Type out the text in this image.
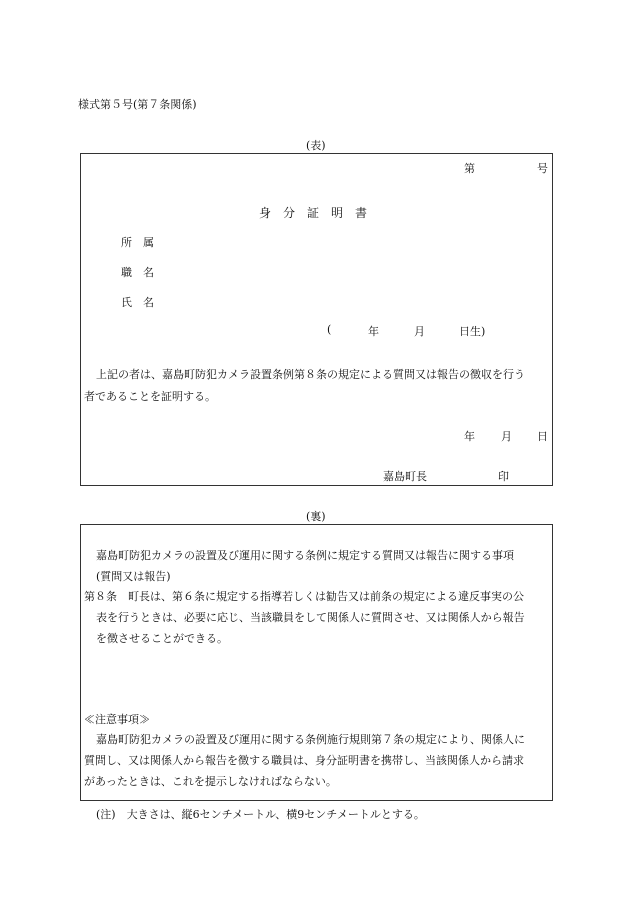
様式第５号(第７条関係)
(表)
第	号
身　分　証　明　書
所　属
職　名
氏　名
(	年	月	日生)
上記の者は、嘉島町防犯カメラ設置条例第８条の規定による質問又は報告の徴収を行う
者であることを証明する。
年 月 日
嘉島町長	印
(裏)
嘉島町防犯カメラの設置及び運用に関する条例に規定する質問又は報告に関する事項
(質問又は報告)
第８条　町長は、第６条に規定する指導若しくは勧告又は前条の規定による違反事実の公
表を行うときは、必要に応じ、当該職員をして関係人に質問させ、又は関係人から報告
を徴させることができる。
≪注意事項≫
嘉島町防犯カメラの設置及び運用に関する条例施行規則第７条の規定により、関係人に
質問し、又は関係人から報告を徴する職員は、身分証明書を携帯し、当該関係人から請求
があったときは、これを提示しなければならない。
(注)　大きさは、縦6センチメートル、横9センチメートルとする。
